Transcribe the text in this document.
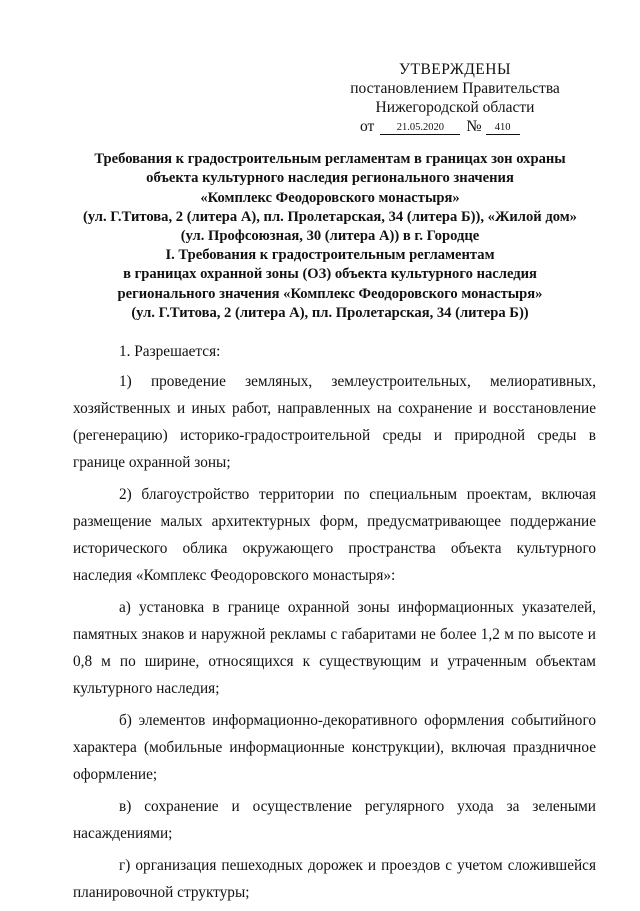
УТВЕРЖДЕНЫ
постановлением Правительства
Нижегородской области
от 21.05.2020 № 410
Требования к градостроительным регламентам в границах зон охраны
объекта культурного наследия регионального значения
«Комплекс Феодоровского монастыря»
(ул. Г.Титова, 2 (литера А), пл. Пролетарская, 34 (литера Б)), «Жилой дом»
(ул. Профсоюзная, 30 (литера А)) в г. Городце
I. Требования к градостроительным регламентам
в границах охранной зоны (ОЗ) объекта культурного наследия
регионального значения «Комплекс Феодоровского монастыря»
(ул. Г.Титова, 2 (литера А), пл. Пролетарская, 34 (литера Б))

1. Разрешается:

1) проведение земляных, землеустроительных, мелиоративных, хозяйственных и иных работ, направленных на сохранение и восстановление (регенерацию) историко-градостроительной среды и природной среды в границе охранной зоны;

2) благоустройство территории по специальным проектам, включая размещение малых архитектурных форм, предусматривающее поддержание исторического облика окружающего пространства объекта культурного наследия «Комплекс Феодоровского монастыря»:

а) установка в границе охранной зоны информационных указателей, памятных знаков и наружной рекламы с габаритами не более 1,2 м по высоте и 0,8 м по ширине, относящихся к существующим и утраченным объектам культурного наследия;

б) элементов информационно-декоративного оформления событийного характера (мобильные информационные конструкции), включая праздничное оформление;

в) сохранение и осуществление регулярного ухода за зелеными насаждениями;

г) организация пешеходных дорожек и проездов с учетом сложившейся планировочной структуры;
